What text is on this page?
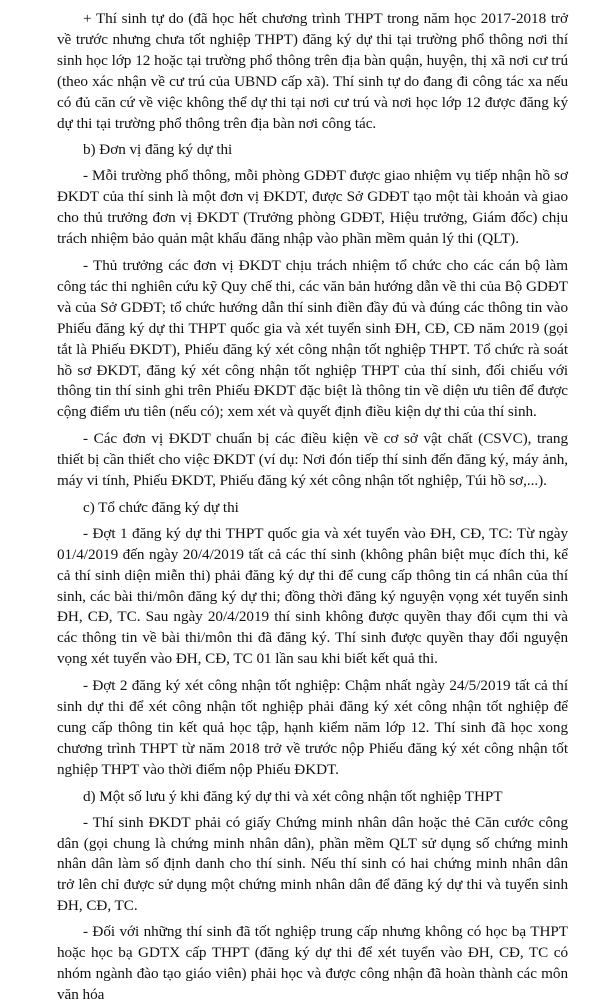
+ Thí sinh tự do (đã học hết chương trình THPT trong năm học 2017-2018 trở về trước nhưng chưa tốt nghiệp THPT) đăng ký dự thi tại trường phổ thông nơi thí sinh học lớp 12 hoặc tại trường phổ thông trên địa bàn quận, huyện, thị xã nơi cư trú (theo xác nhận về cư trú của UBND cấp xã). Thí sinh tự do đang đi công tác xa nếu có đủ căn cứ về việc không thể dự thi tại nơi cư trú và nơi học lớp 12 được đăng ký dự thi tại trường phổ thông trên địa bàn nơi công tác.

b) Đơn vị đăng ký dự thi

- Mỗi trường phổ thông, mỗi phòng GDĐT được giao nhiệm vụ tiếp nhận hồ sơ ĐKDT của thí sinh là một đơn vị ĐKDT, được Sở GDĐT tạo một tài khoản và giao cho thủ trưởng đơn vị ĐKDT (Trưởng phòng GDĐT, Hiệu trưởng, Giám đốc) chịu trách nhiệm bảo quản mật khẩu đăng nhập vào phần mềm quản lý thi (QLT).

- Thủ trưởng các đơn vị ĐKDT chịu trách nhiệm tổ chức cho các cán bộ làm công tác thi nghiên cứu kỹ Quy chế thi, các văn bản hướng dẫn về thi của Bộ GDĐT và của Sở GDĐT; tổ chức hướng dẫn thí sinh điền đầy đủ và đúng các thông tin vào Phiếu đăng ký dự thi THPT quốc gia và xét tuyển sinh ĐH, CĐ, CĐ năm 2019 (gọi tắt là Phiếu ĐKDT), Phiếu đăng ký xét công nhận tốt nghiệp THPT. Tổ chức rà soát hồ sơ ĐKDT, đăng ký xét công nhận tốt nghiệp THPT của thí sinh, đối chiếu với thông tin thí sinh ghi trên Phiếu ĐKDT đặc biệt là thông tin về diện ưu tiên để được cộng điểm ưu tiên (nếu có); xem xét và quyết định điều kiện dự thi của thí sinh.

- Các đơn vị ĐKDT chuẩn bị các điều kiện về cơ sở vật chất (CSVC), trang thiết bị cần thiết cho việc ĐKDT (ví dụ: Nơi đón tiếp thí sinh đến đăng ký, máy ảnh, máy vi tính, Phiếu ĐKDT, Phiếu đăng ký xét công nhận tốt nghiệp, Túi hồ sơ,...).

c) Tổ chức đăng ký dự thi

- Đợt 1 đăng ký dự thi THPT quốc gia và xét tuyển vào ĐH, CĐ, TC: Từ ngày 01/4/2019 đến ngày 20/4/2019 tất cả các thí sinh (không phân biệt mục đích thi, kể cả thí sinh diện miễn thi) phải đăng ký dự thi để cung cấp thông tin cá nhân của thí sinh, các bài thi/môn đăng ký dự thi; đồng thời đăng ký nguyện vọng xét tuyển sinh ĐH, CĐ, TC. Sau ngày 20/4/2019 thí sinh không được quyền thay đổi cụm thi và các thông tin về bài thi/môn thi đã đăng ký. Thí sinh được quyền thay đổi nguyện vọng xét tuyển vào ĐH, CĐ, TC 01 lần sau khi biết kết quả thi.

- Đợt 2 đăng ký xét công nhận tốt nghiệp: Chậm nhất ngày 24/5/2019 tất cả thí sinh dự thi để xét công nhận tốt nghiệp phải đăng ký xét công nhận tốt nghiệp để cung cấp thông tin kết quả học tập, hạnh kiểm năm lớp 12. Thí sinh đã học xong chương trình THPT từ năm 2018 trở về trước nộp Phiếu đăng ký xét công nhận tốt nghiệp THPT vào thời điểm nộp Phiếu ĐKDT.

d) Một số lưu ý khi đăng ký dự thi và xét công nhận tốt nghiệp THPT

- Thí sinh ĐKDT phải có giấy Chứng minh nhân dân hoặc thẻ Căn cước công dân (gọi chung là chứng minh nhân dân), phần mềm QLT sử dụng số chứng minh nhân dân làm số định danh cho thí sinh. Nếu thí sinh có hai chứng minh nhân dân trở lên chỉ được sử dụng một chứng minh nhân dân để đăng ký dự thi và tuyển sinh ĐH, CĐ, TC.

- Đối với những thí sinh đã tốt nghiệp trung cấp nhưng không có học bạ THPT hoặc học bạ GDTX cấp THPT (đăng ký dự thi để xét tuyển vào ĐH, CĐ, TC có nhóm ngành đào tạo giáo viên) phải học và được công nhận đã hoàn thành các môn văn hóa
